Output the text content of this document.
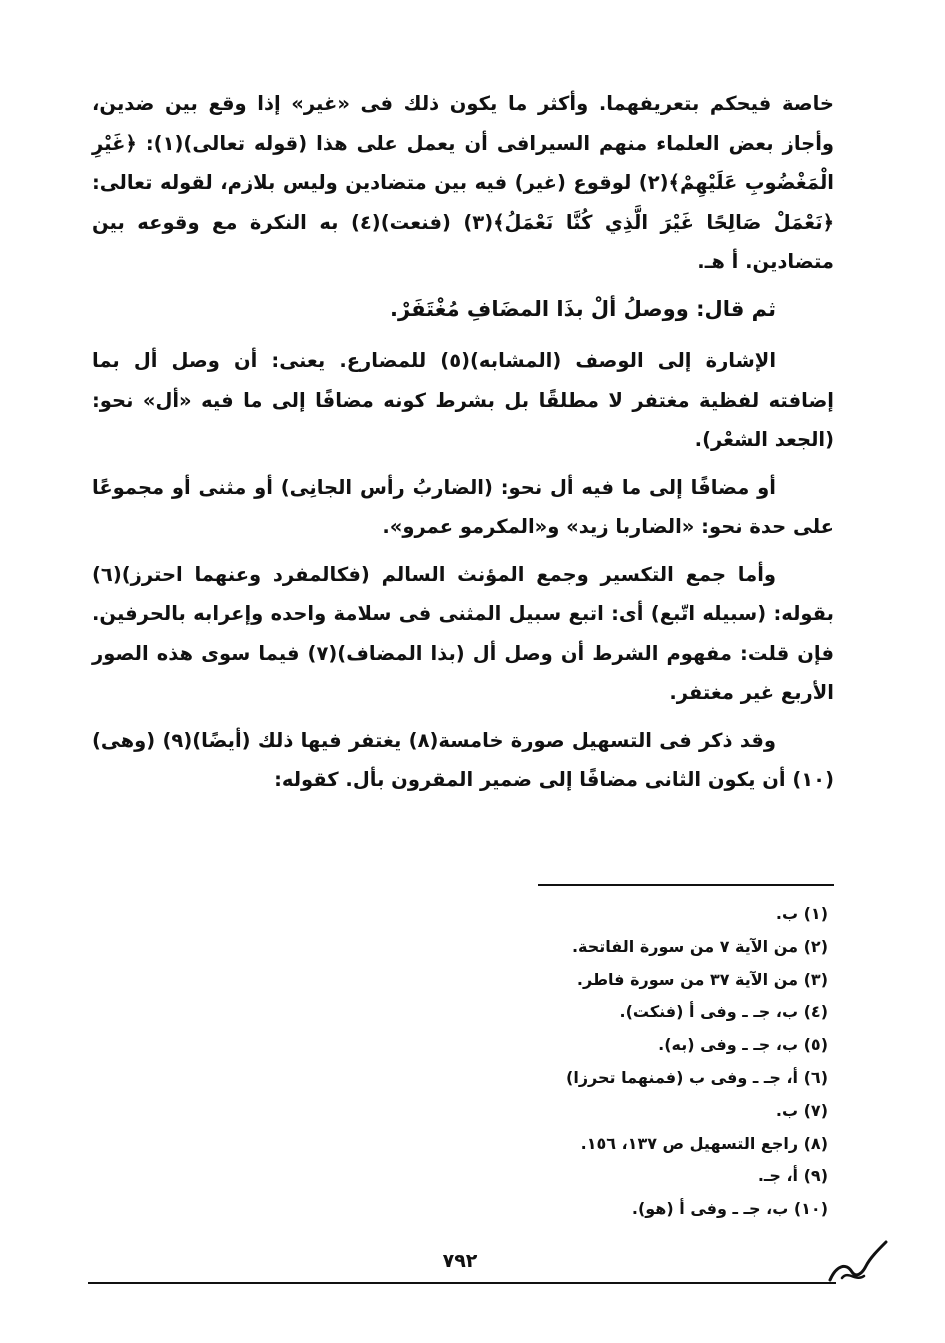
خاصة فيحكم بتعريفهما. وأكثر ما يكون ذلك فى «غير» إذا وقع بين ضدين، وأجاز بعض العلماء منهم السيرافى أن يعمل على هذا (قوله تعالى)(١): ﴿غَيْرِ الْمَغْضُوبِ عَلَيْهِمْ﴾(٢) لوقوع (غير) فيه بين متضادين وليس بلازم، لقوله تعالى: ﴿نَعْمَلْ صَالِحًا غَيْرَ الَّذِي كُنَّا نَعْمَلُ﴾(٣) (فنعت)(٤) به النكرة مع وقوعه بين متضادين. أ هـ.

ثم قال: ووصلُ ألْ بذَا المضَافِ مُغْتَفَرْ.

الإشارة إلى الوصف (المشابه)(٥) للمضارع. يعنى: أن وصل أل بما إضافته لفظية مغتفر لا مطلقًا بل بشرط كونه مضافًا إلى ما فيه «أل» نحو: (الجعد الشعْر).

أو مضافًا إلى ما فيه أل نحو: (الضاربُ رأس الجانِى) أو مثنى أو مجموعًا على حدة نحو: «الضاربا زيد» و«المكرمو عمرو».

وأما جمع التكسير وجمع المؤنث السالم (فكالمفرد وعنهما احترز)(٦) بقوله: (سبيله اتّبع) أى: اتبع سبيل المثنى فى سلامة واحده وإعرابه بالحرفين. فإن قلت: مفهوم الشرط أن وصل أل (بذا المضاف)(٧) فيما سوى هذه الصور الأربع غير مغتفر.

وقد ذكر فى التسهيل صورة خامسة(٨) يغتفر فيها ذلك (أيضًا)(٩) (وهى)(١٠) أن يكون الثانى مضافًا إلى ضمير المقرون بأل. كقوله:

(١) ب.
(٢) من الآية ٧ من سورة الفاتحة.
(٣) من الآية ٣٧ من سورة فاطر.
(٤) ب، جـ ـ وفى أ (فنكت).
(٥) ب، جـ ـ وفى (به).
(٦) أ، جـ ـ وفى ب (فمنهما تحرزا)
(٧) ب.
(٨) راجع التسهيل ص ١٣٧، ١٥٦.
(٩) أ، جـ.
(١٠) ب، جـ ـ وفى أ (هو).
٧٩٢
